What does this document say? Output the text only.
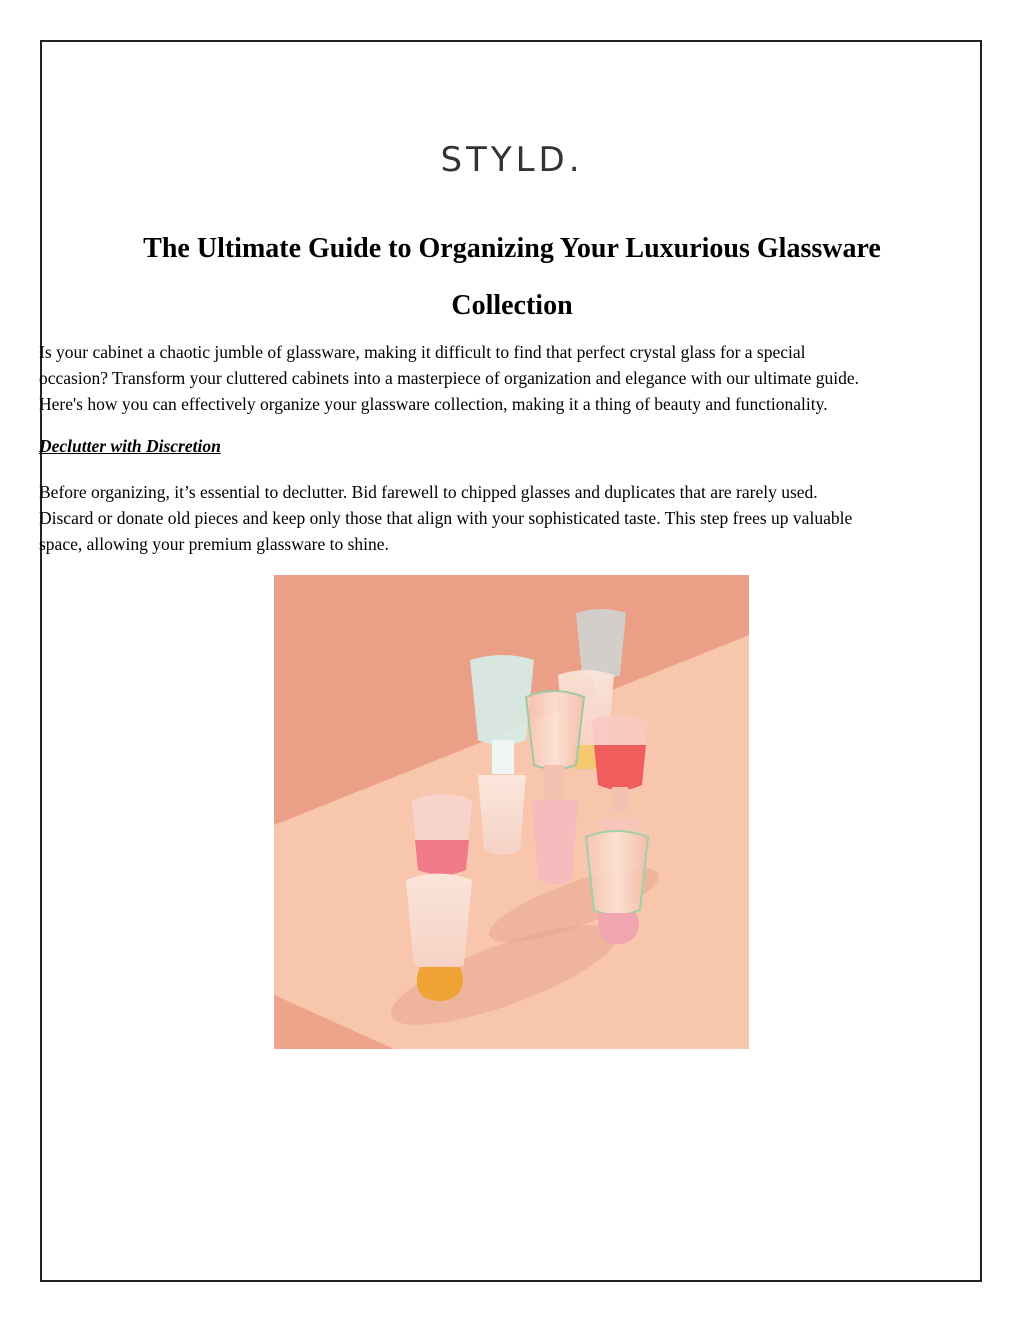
STYLD.
The Ultimate Guide to Organizing Your Luxurious Glassware Collection
Is your cabinet a chaotic jumble of glassware, making it difficult to find that perfect crystal glass for a special
occasion? Transform your cluttered cabinets into a masterpiece of organization and elegance with our ultimate guide.
Here's how you can effectively organize your glassware collection, making it a thing of beauty and functionality.
Declutter with Discretion
Before organizing, it’s essential to declutter. Bid farewell to chipped glasses and duplicates that are rarely used.
Discard or donate old pieces and keep only those that align with your sophisticated taste. This step frees up valuable
space, allowing your premium glassware to shine.
